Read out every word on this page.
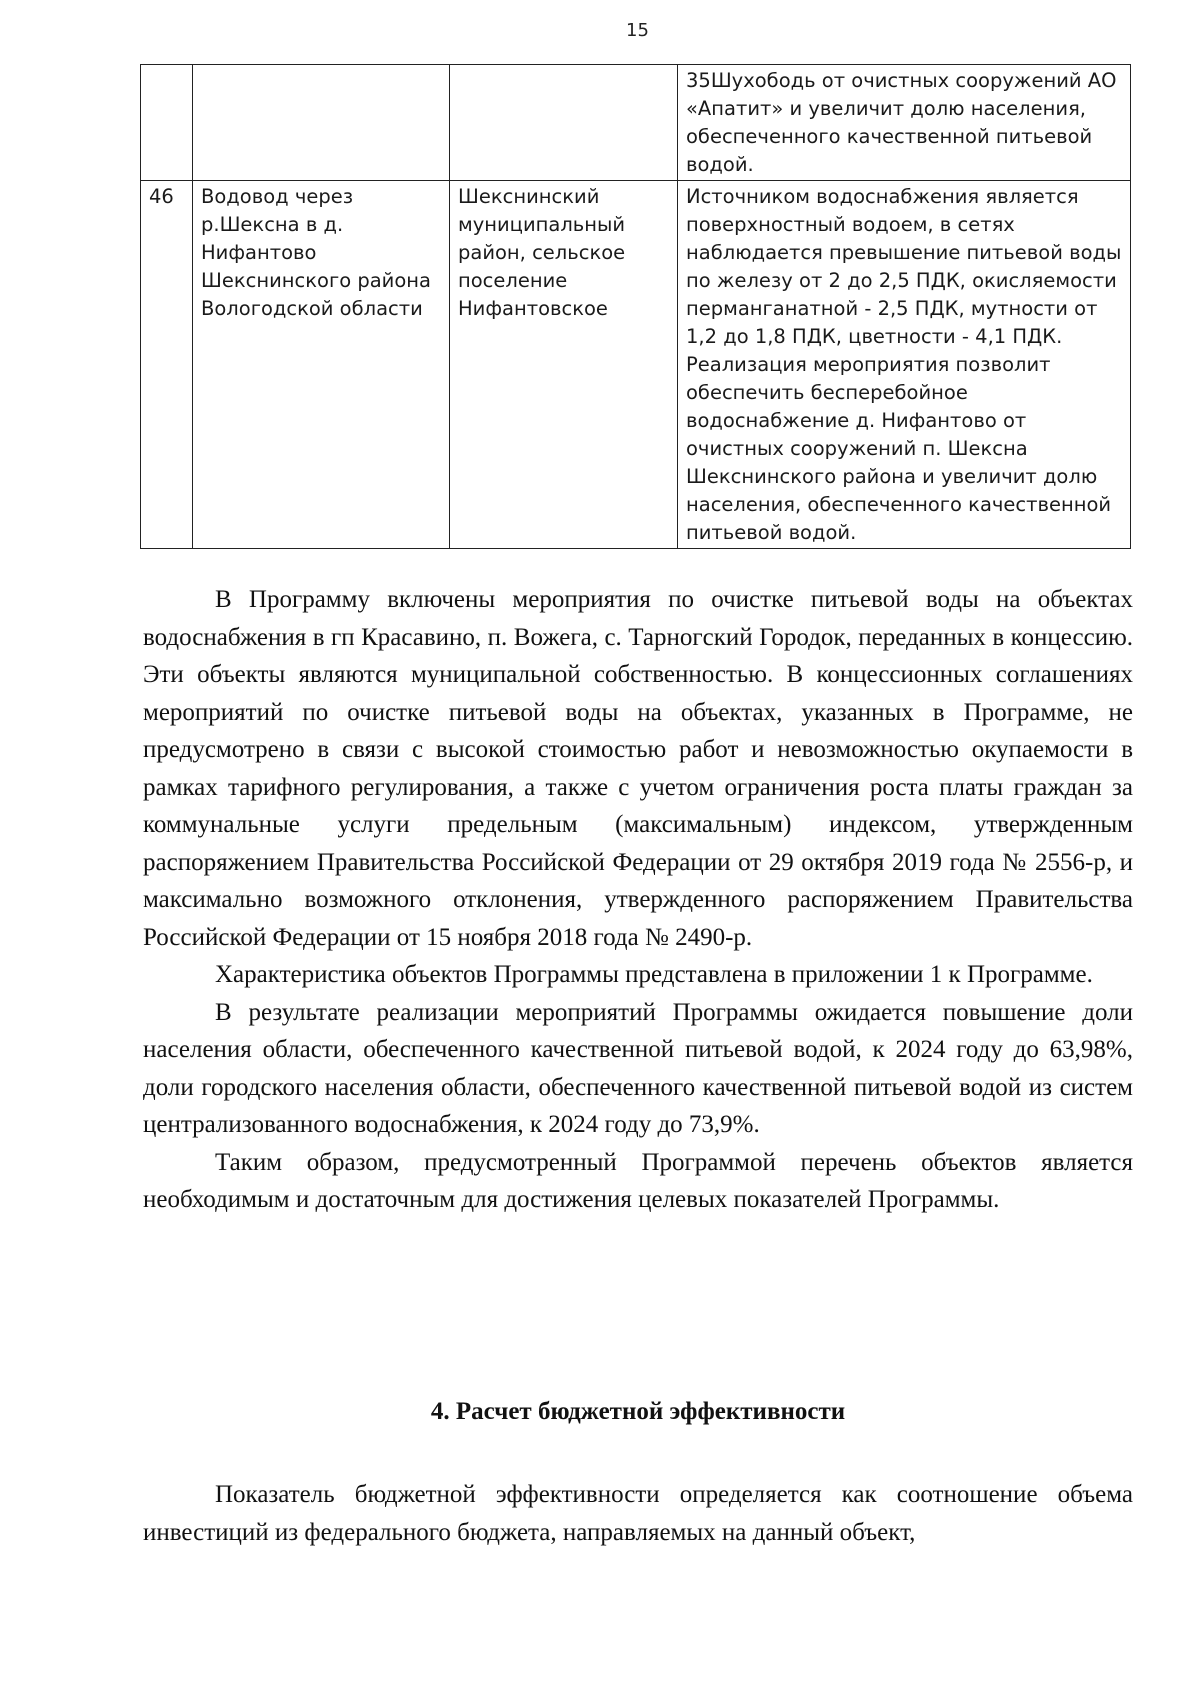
15
			35Шухободь от очистных сооружений АО «Апатит» и увеличит долю населения, обеспеченного качественной питьевой водой.
46	Водовод через р.Шексна в д. Нифантово Шекснинского района Вологодской области	Шекснинский муниципальный район, сельское поселение Нифантовское	Источником водоснабжения является поверхностный водоем, в сетях наблюдается превышение питьевой воды по железу от 2 до 2,5 ПДК, окисляемости перманганатной - 2,5 ПДК, мутности от 1,2 до 1,8 ПДК, цветности - 4,1 ПДК. Реализация мероприятия позволит обеспечить бесперебойное водоснабжение д. Нифантово от очистных сооружений п. Шексна Шекснинского района и увеличит долю населения, обеспеченного качественной питьевой водой.

В Программу включены мероприятия по очистке питьевой воды на объектах водоснабжения в гп Красавино, п. Вожега, с. Тарногский Городок, переданных в концессию. Эти объекты являются муниципальной собственностью. В концессионных соглашениях мероприятий по очистке питьевой воды на объектах, указанных в Программе, не предусмотрено в связи с высокой стоимостью работ и невозможностью окупаемости в рамках тарифного регулирования, а также с учетом ограничения роста платы граждан за коммунальные услуги предельным (максимальным) индексом, утвержденным распоряжением Правительства Российской Федерации от 29 октября 2019 года № 2556-р, и максимально возможного отклонения, утвержденного распоряжением Правительства Российской Федерации от 15 ноября 2018 года № 2490-р.

Характеристика объектов Программы представлена в приложении 1 к Программе.

В результате реализации мероприятий Программы ожидается повышение доли населения области, обеспеченного качественной питьевой водой, к 2024 году до 63,98%, доли городского населения области, обеспеченного качественной питьевой водой из систем централизованного водоснабжения, к 2024 году до 73,9%.

Таким образом, предусмотренный Программой перечень объектов является необходимым и достаточным для достижения целевых показателей Программы.

4. Расчет бюджетной эффективности

Показатель бюджетной эффективности определяется как соотношение объема инвестиций из федерального бюджета, направляемых на данный объект,
